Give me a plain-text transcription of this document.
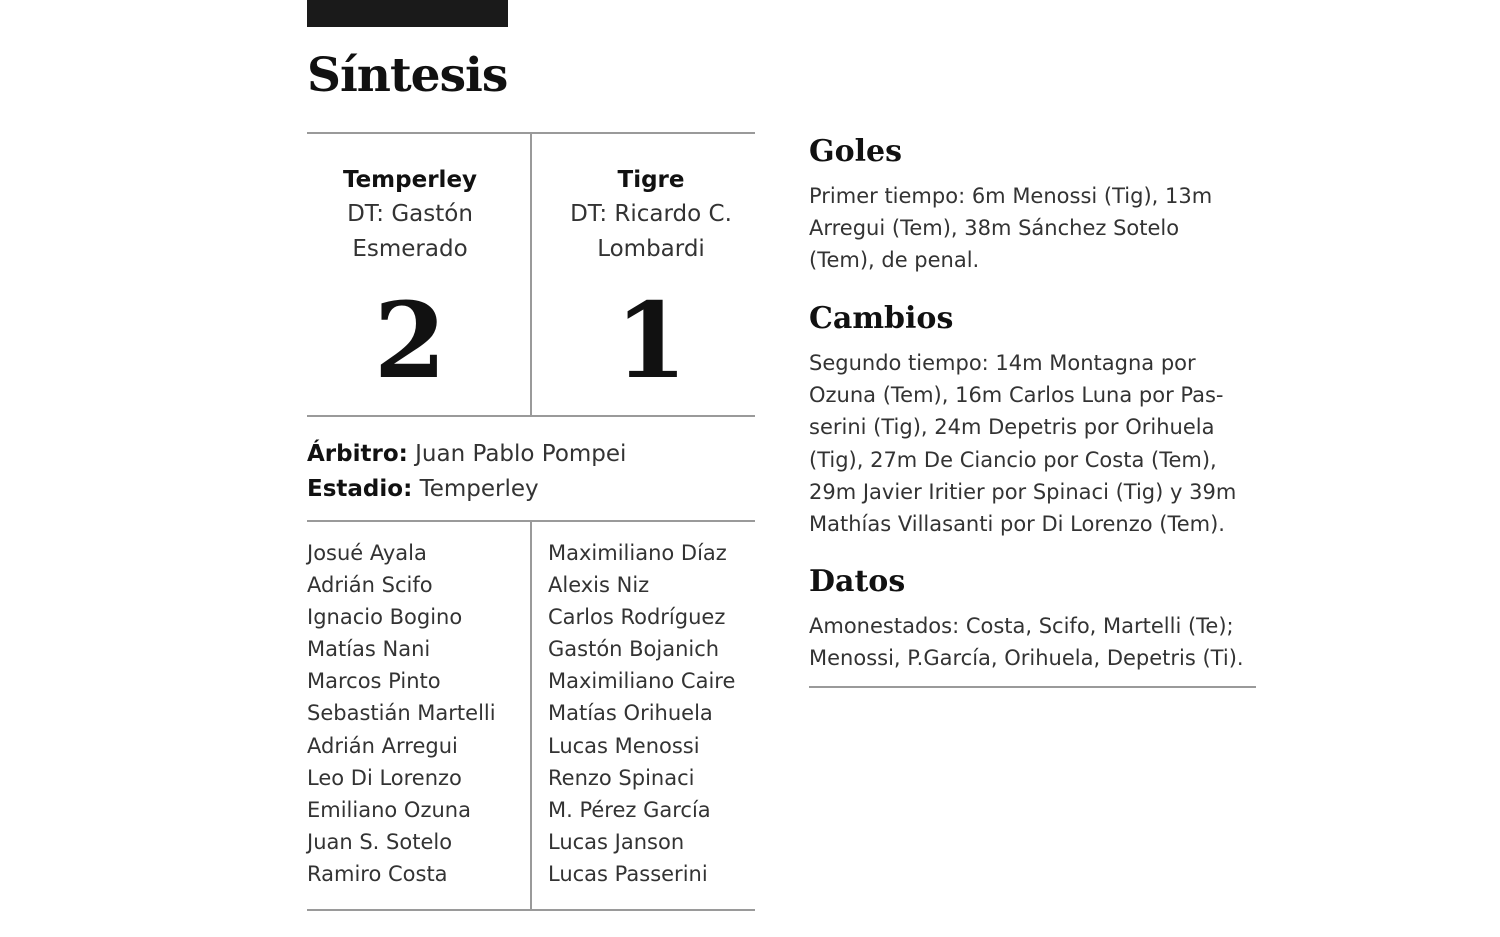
Síntesis
Temperley
DT: Gastón
Esmerado
2
Tigre
DT: Ricardo C.
Lombardi
1
Árbitro: Juan Pablo Pompei
Estadio: Temperley
Josué Ayala
Adrián Scifo
Ignacio Bogino
Matías Nani
Marcos Pinto
Sebastián Martelli
Adrián Arregui
Leo Di Lorenzo
Emiliano Ozuna
Juan S. Sotelo
Ramiro Costa
Maximiliano Díaz
Alexis Niz
Carlos Rodríguez
Gastón Bojanich
Maximiliano Caire
Matías Orihuela
Lucas Menossi
Renzo Spinaci
M. Pérez García
Lucas Janson
Lucas Passerini
Goles
Primer tiempo: 6m Menossi (Tig), 13m
Arregui (Tem), 38m Sánchez Sotelo
(Tem), de penal.
Cambios
Segundo tiempo: 14m Montagna por
Ozuna (Tem), 16m Carlos Luna por Pas-
serini (Tig), 24m Depetris por Orihuela
(Tig), 27m De Ciancio por Costa (Tem),
29m Javier Iritier por Spinaci (Tig) y 39m
Mathías Villasanti por Di Lorenzo (Tem).
Datos
Amonestados: Costa, Scifo, Martelli (Te);
Menossi, P.García, Orihuela, Depetris (Ti).
